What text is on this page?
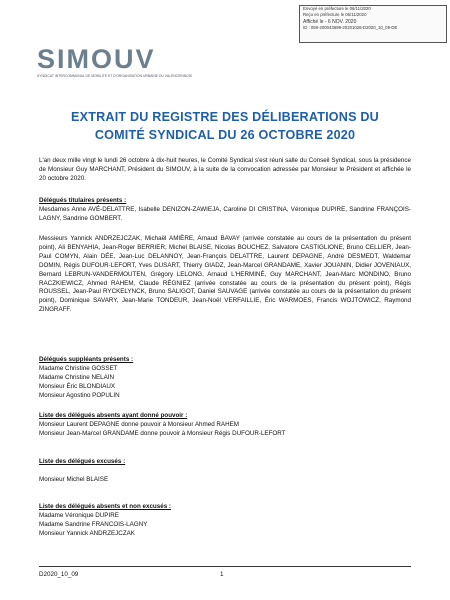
Envoyé en préfecture le 06/11/2020
Reçu en préfecture le 06/11/2020
Affiché le - 6 NOV. 2020
ID : 059-200043699-20201026-D2020_10_09-DE
SIMOUV
SYNDICAT INTERCOMMUNAL DE MOBILITÉ ET D'ORGANISATION URBAINE DU VALENCIENNOIS
EXTRAIT DU REGISTRE DES DÉLIBERATIONS DU
COMITÉ SYNDICAL DU 26 OCTOBRE 2020
L'an deux mille vingt le lundi 26 octobre à dix-huit heures, le Comité Syndical s'est réuni salle du Conseil Syndical, sous la présidence de Monsieur Guy MARCHANT, Président du SIMOUV, à la suite de la convocation adressée par Monsieur le Président et affichée le 20 octobre 2020.
Délégués titulaires présents :
Mesdames Anne AVÉ-DELATTRE, Isabelle DENIZON-ZAWIEJA, Caroline DI CRISTINA, Véronique DUPIRE, Sandrine FRANÇOIS-LAGNY, Sandrine GOMBERT.
Messieurs Yannick ANDRZEJCZAK, Michaël AMIÈRE, Arnaud BAVAY (arrivée constatée au cours de la présentation du présent point), Ali BENYAHIA, Jean-Roger BERRIER, Michel BLAISE, Nicolas BOUCHEZ, Salvatore CASTIGLIONE, Bruno CELLIER, Jean-Paul COMYN, Alain DÉE, Jean-Luc DELANNOY, Jean-François DELATTRE, Laurent DEPAGNE, André DESMEDT, Waldemar DOMIN, Régis DUFOUR-LEFORT, Yves DUSART, Thierry GIADZ, Jean-Marcel GRANDAME, Xavier JOUANIN, Didier JOVENIAUX, Bernard LEBRUN-VANDERMOUTEN, Grégory LELONG, Arnaud L'HERMINÉ, Guy MARCHANT, Jean-Marc MONDINO, Bruno RACZKIEWICZ, Ahmed RAHEM, Claude RÉGNIEZ (arrivée constatée au cours de la présentation du présent point), Régis ROUSSEL, Jean-Paul RYCKELYNCK, Bruno SALIGOT, Daniel SAUVAGE (arrivée constatée au cours de la présentation du présent point), Dominique SAVARY, Jean-Marie TONDEUR, Jean-Noël VERFAILLIE, Éric WARMOES, Francis WOJTOWICZ, Raymond ZINGRAFF.
Délégués suppléants présents :
Madame Christine GOSSET
Madame Christine NELAIN
Monsieur Éric BLONDIAUX
Monsieur Agostino POPULIN
Liste des délégués absents ayant donné pouvoir :
Monsieur Laurent DEPAGNE donne pouvoir à Monsieur Ahmed RAHEM
Monsieur Jean-Marcel GRANDAME donne pouvoir à Monsieur Régis DUFOUR-LEFORT
Liste des délégués excusés :
Monsieur Michel BLAISE
Liste des délégués absents et non excusés :
Madame Véronique DUPIRE
Madame Sandrine FRANCOIS-LAGNY
Monsieur Yannick ANDRZEJCZAK
D2020_10_09	1
